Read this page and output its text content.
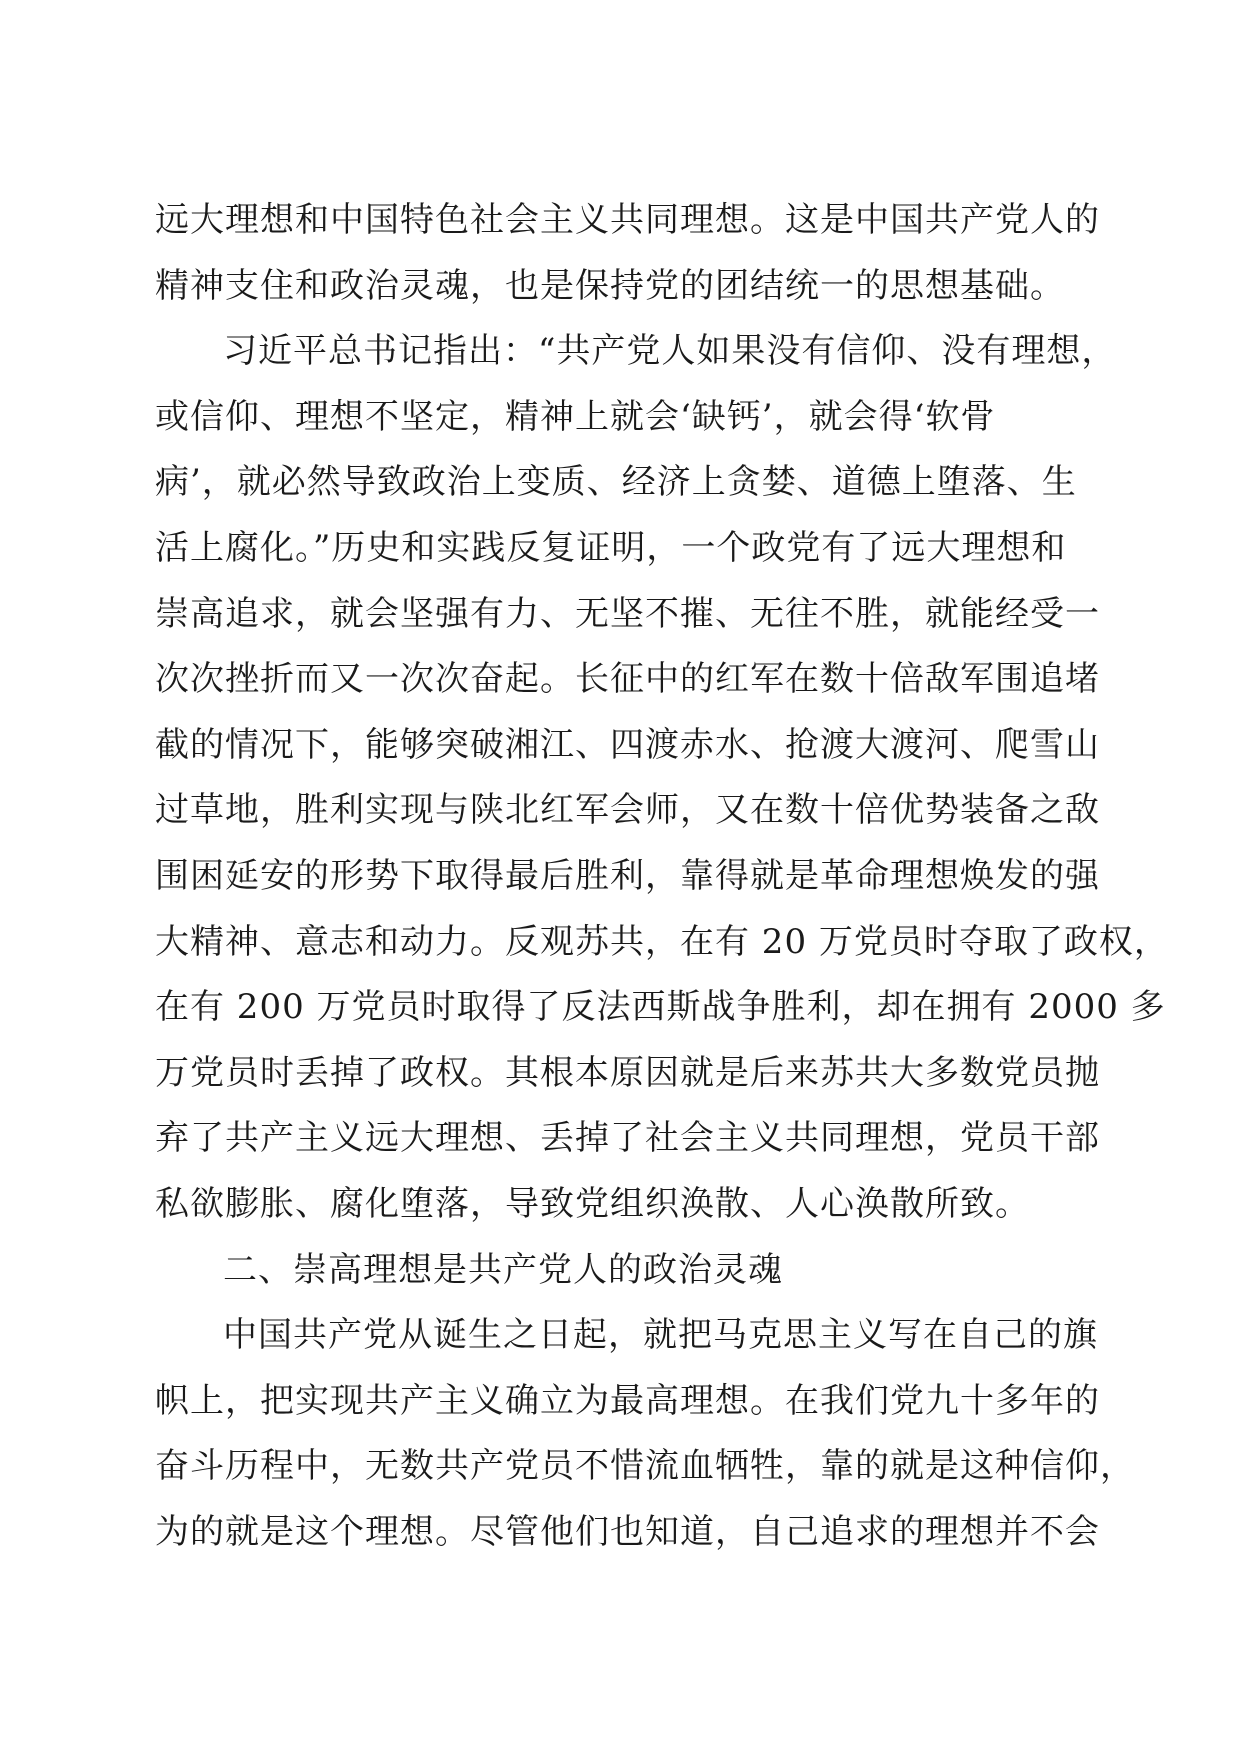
远大理想和中国特色社会主义共同理想。这是中国共产党人的
精神支住和政治灵魂，也是保持党的团结统一的思想基础。
习近平总书记指出：“共产党人如果没有信仰、没有理想，
或信仰、理想不坚定，精神上就会‘缺钙’，就会得‘软骨
病’，就必然导致政治上变质、经济上贪婪、道德上堕落、生
活上腐化。”历史和实践反复证明，一个政党有了远大理想和
崇高追求，就会坚强有力、无坚不摧、无往不胜，就能经受一
次次挫折而又一次次奋起。长征中的红军在数十倍敌军围追堵
截的情况下，能够突破湘江、四渡赤水、抢渡大渡河、爬雪山
过草地，胜利实现与陕北红军会师，又在数十倍优势装备之敌
围困延安的形势下取得最后胜利，靠得就是革命理想焕发的强
大精神、意志和动力。反观苏共，在有 20 万党员时夺取了政权，
在有 200 万党员时取得了反法西斯战争胜利，却在拥有 2000 多
万党员时丢掉了政权。其根本原因就是后来苏共大多数党员抛
弃了共产主义远大理想、丢掉了社会主义共同理想，党员干部
私欲膨胀、腐化堕落，导致党组织涣散、人心涣散所致。
二、崇高理想是共产党人的政治灵魂
中国共产党从诞生之日起，就把马克思主义写在自己的旗
帜上，把实现共产主义确立为最高理想。在我们党九十多年的
奋斗历程中，无数共产党员不惜流血牺牲，靠的就是这种信仰，
为的就是这个理想。尽管他们也知道，自己追求的理想并不会
